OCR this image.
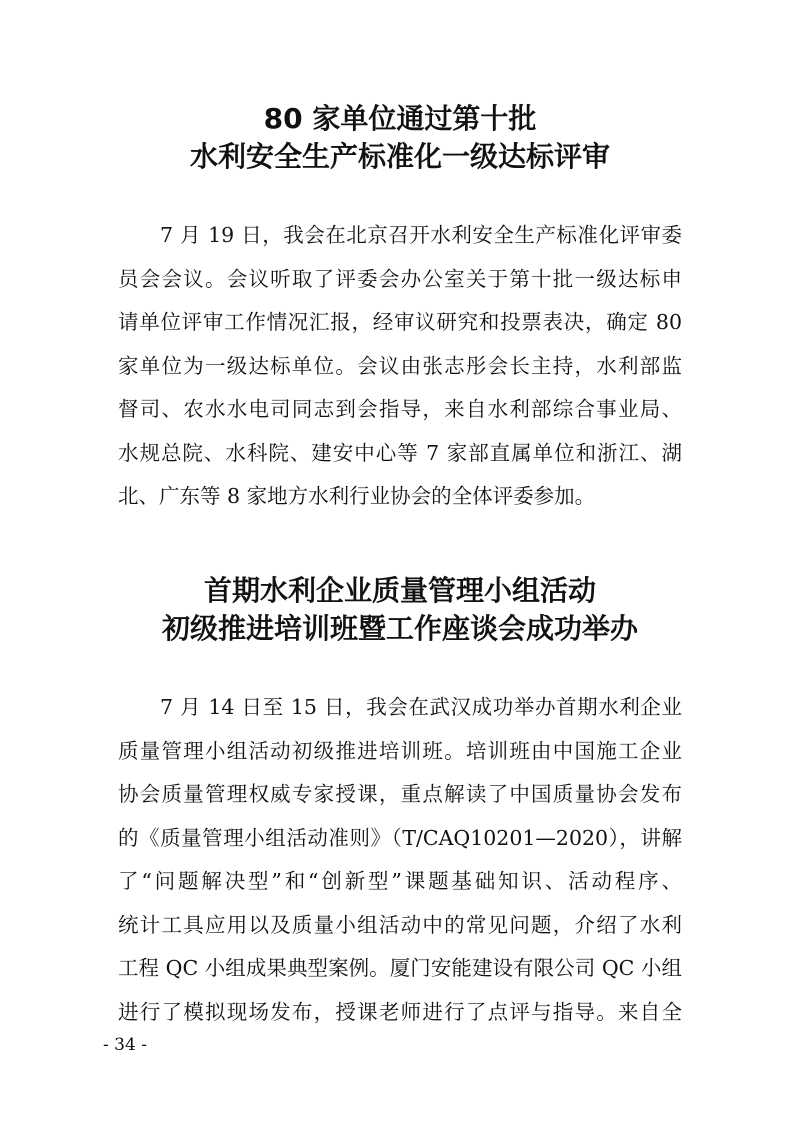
80 家单位通过第十批
水利安全生产标准化一级达标评审
7 月 19 日，我会在北京召开水利安全生产标准化评审委
员会会议。会议听取了评委会办公室关于第十批一级达标申
请单位评审工作情况汇报，经审议研究和投票表决，确定 80
家单位为一级达标单位。会议由张志彤会长主持，水利部监
督司、农水水电司同志到会指导，来自水利部综合事业局、
水规总院、水科院、建安中心等 7 家部直属单位和浙江、湖
北、广东等 8 家地方水利行业协会的全体评委参加。
首期水利企业质量管理小组活动
初级推进培训班暨工作座谈会成功举办
7 月 14 日至 15 日，我会在武汉成功举办首期水利企业
质量管理小组活动初级推进培训班。培训班由中国施工企业
协会质量管理权威专家授课，重点解读了中国质量协会发布
的《质量管理小组活动准则》（T/CAQ10201—2020），讲解
了“问题解决型”和“创新型”课题基础知识、活动程序、
统计工具应用以及质量小组活动中的常见问题，介绍了水利
工程 QC 小组成果典型案例。厦门安能建设有限公司 QC 小组
进行了模拟现场发布，授课老师进行了点评与指导。来自全
- 34 -
